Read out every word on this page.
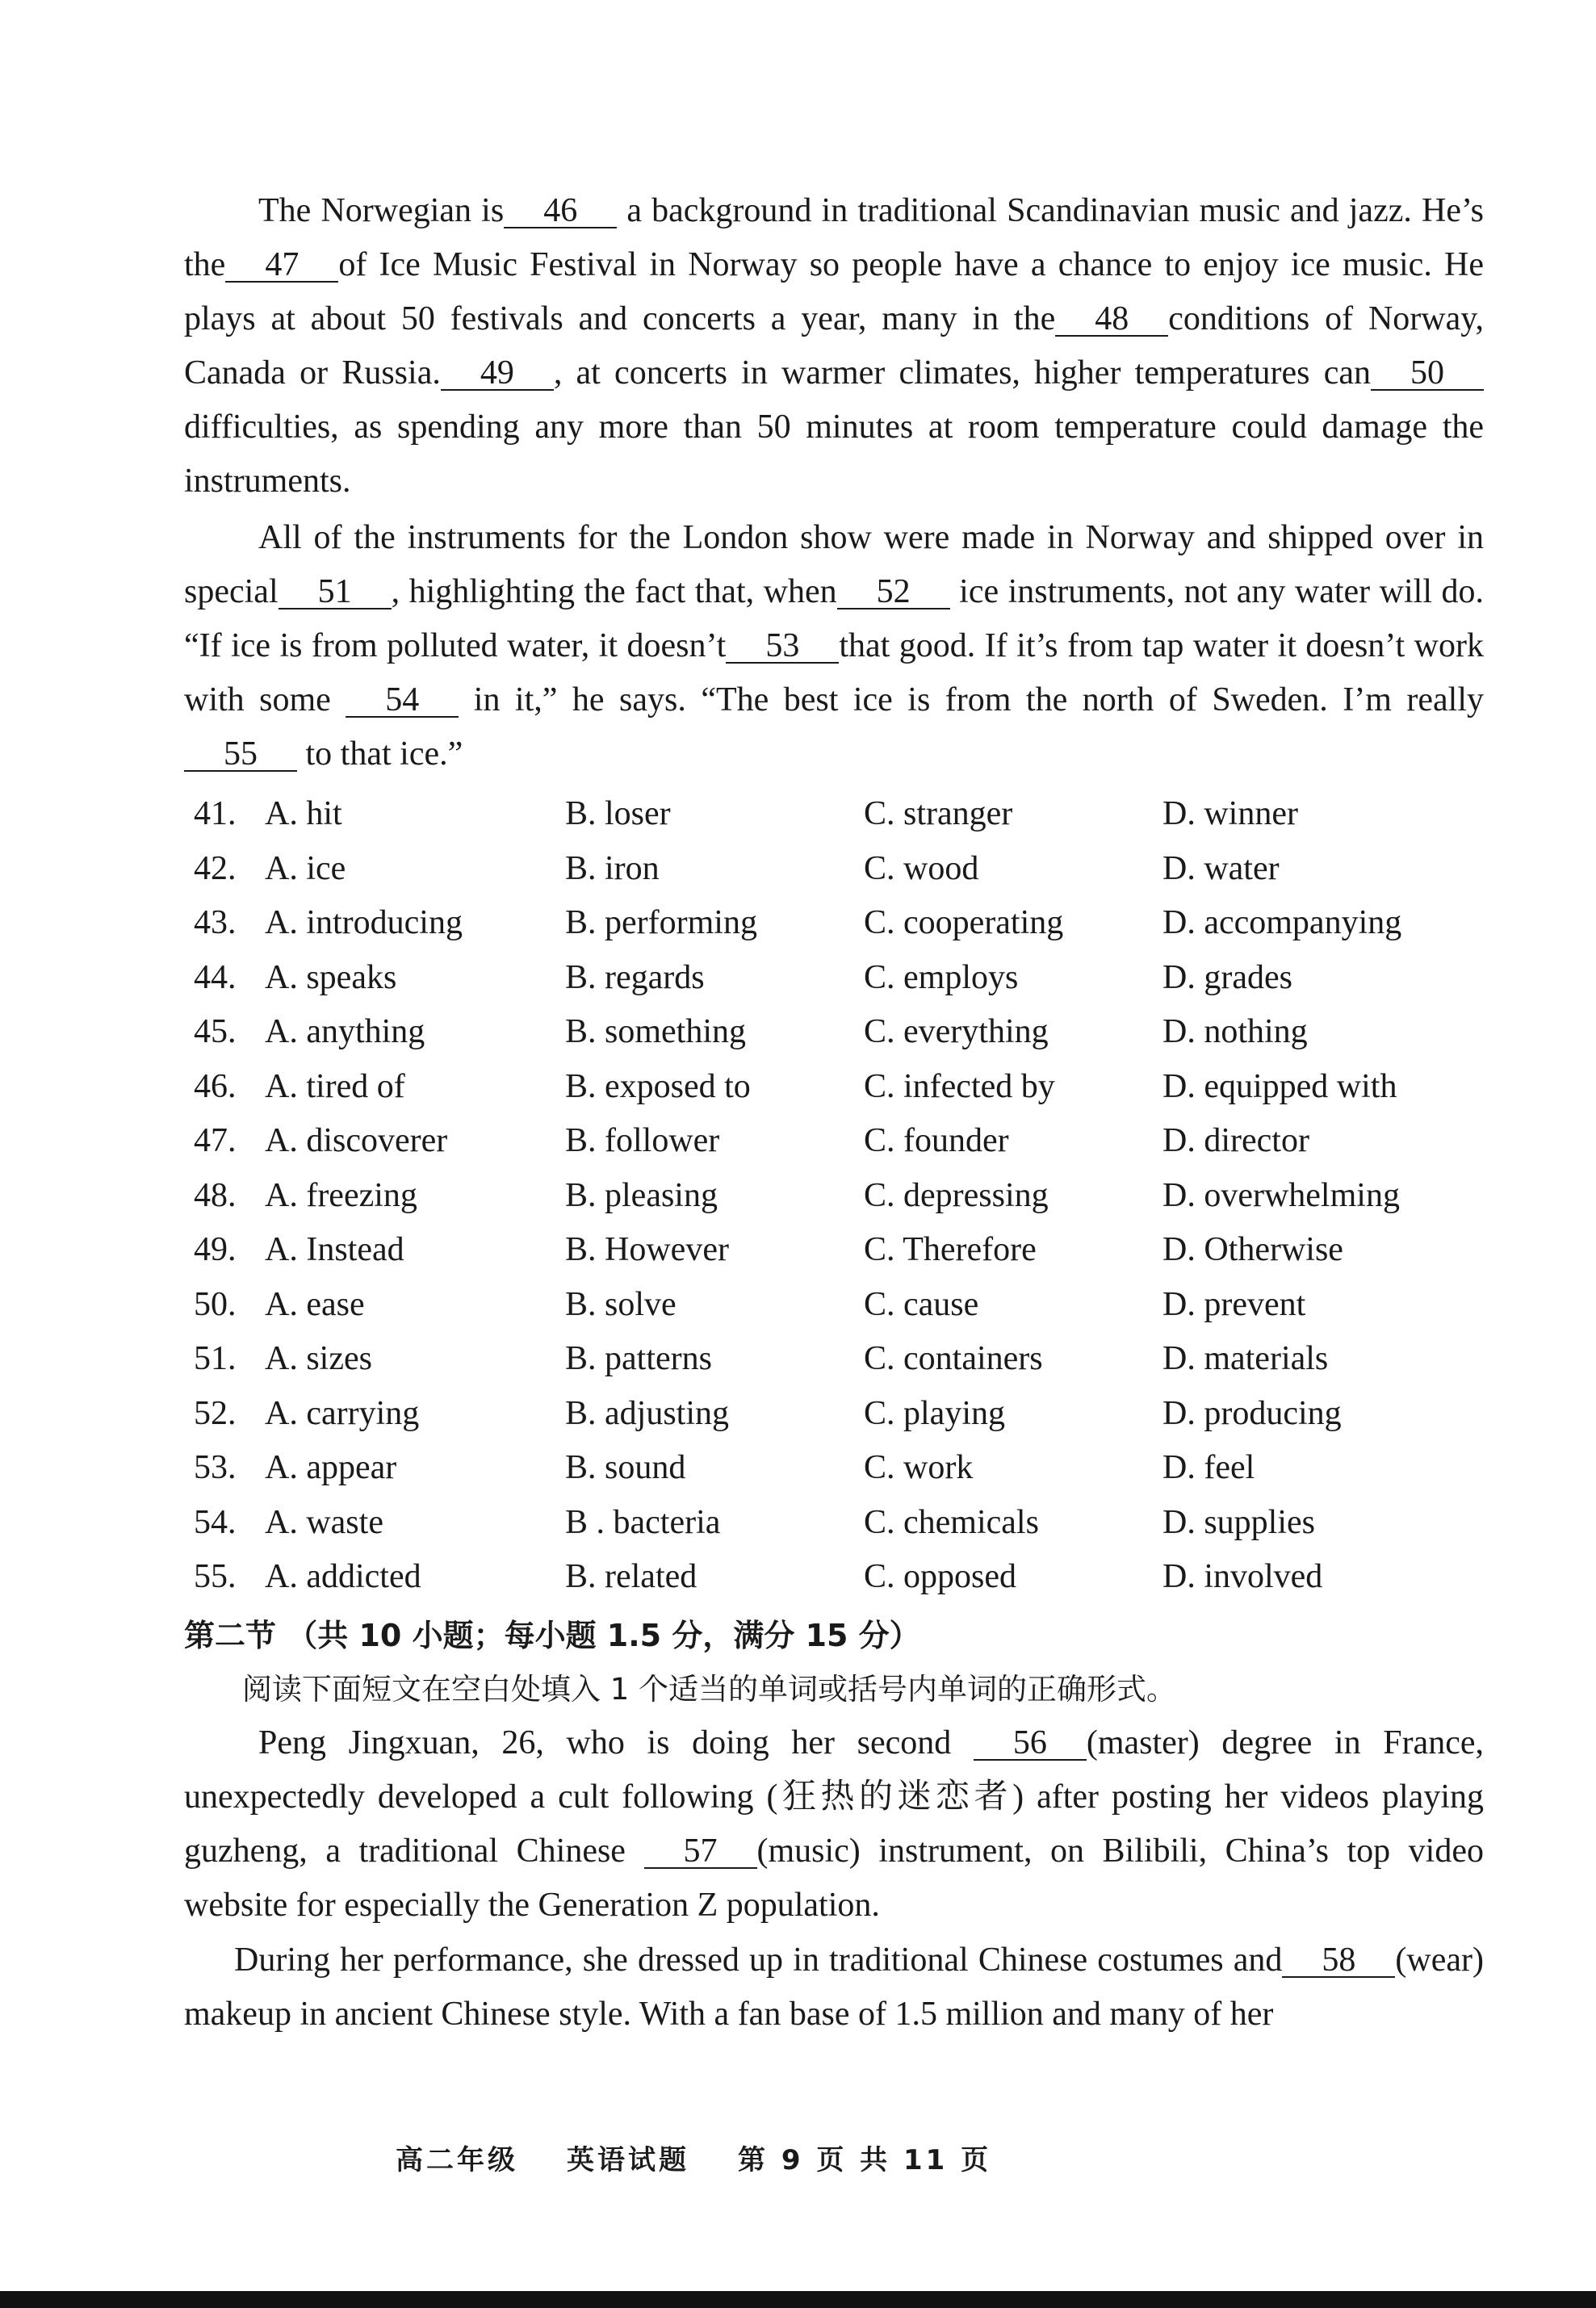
The Norwegian is 46 a background in traditional Scandinavian music and jazz. He’s the 47 of Ice Music Festival in Norway so people have a chance to enjoy ice music. He plays at about 50 festivals and concerts a year, many in the 48 conditions of Norway, Canada or Russia. 49 , at concerts in warmer climates, higher temperatures can 50difficulties, as spending any more than 50 minutes at room temperature could damage the instruments.
All of the instruments for the London show were made in Norway and shipped over in special 51 , highlighting the fact that, when 52 ice instruments, not any water will do. “If ice is from polluted water, it doesn’t 53 that good. If it’s from tap water it doesn’t work with some 54 in it,” he says. “The best ice is from the north of Sweden. I’m really 55 to that ice.”
41. A. hit	B. loser	C. stranger	D. winner
42. A. ice	B. iron	C. wood	D. water
43. A. introducing	B. performing	C. cooperating	D. accompanying
44. A. speaks	B. regards	C. employs	D. grades
45. A. anything	B. something	C. everything	D. nothing
46. A. tired of	B. exposed to	C. infected by	D. equipped with
47. A. discoverer	B. follower	C. founder	D. director
48. A. freezing	B. pleasing	C. depressing	D. overwhelming
49. A. Instead	B. However	C. Therefore	D. Otherwise
50. A. ease	B. solve	C. cause	D. prevent
51. A. sizes	B. patterns	C. containers	D. materials
52. A. carrying	B. adjusting	C. playing	D. producing
53. A. appear	B. sound	C. work	D. feel
54. A. waste	B . bacteria	C. chemicals	D. supplies
55. A. addicted	B. related	C. opposed	D. involved
第二节 （共 10 小题；每小题 1.5 分，满分 15 分）
阅读下面短文在空白处填入 1 个适当的单词或括号内单词的正确形式。
Peng Jingxuan, 26, who is doing her second 56 (master) degree in France, unexpectedly developed a cult following (狂热的迷恋者) after posting her videos playing guzheng, a traditional Chinese 57 (music) instrument, on Bilibili, China’s top video website for especially the Generation Z population.
During her performance, she dressed up in traditional Chinese costumes and 58 (wear) makeup in ancient Chinese style. With a fan base of 1.5 million and many of her
高二年级 英语试题 第 9 页 共 11 页
